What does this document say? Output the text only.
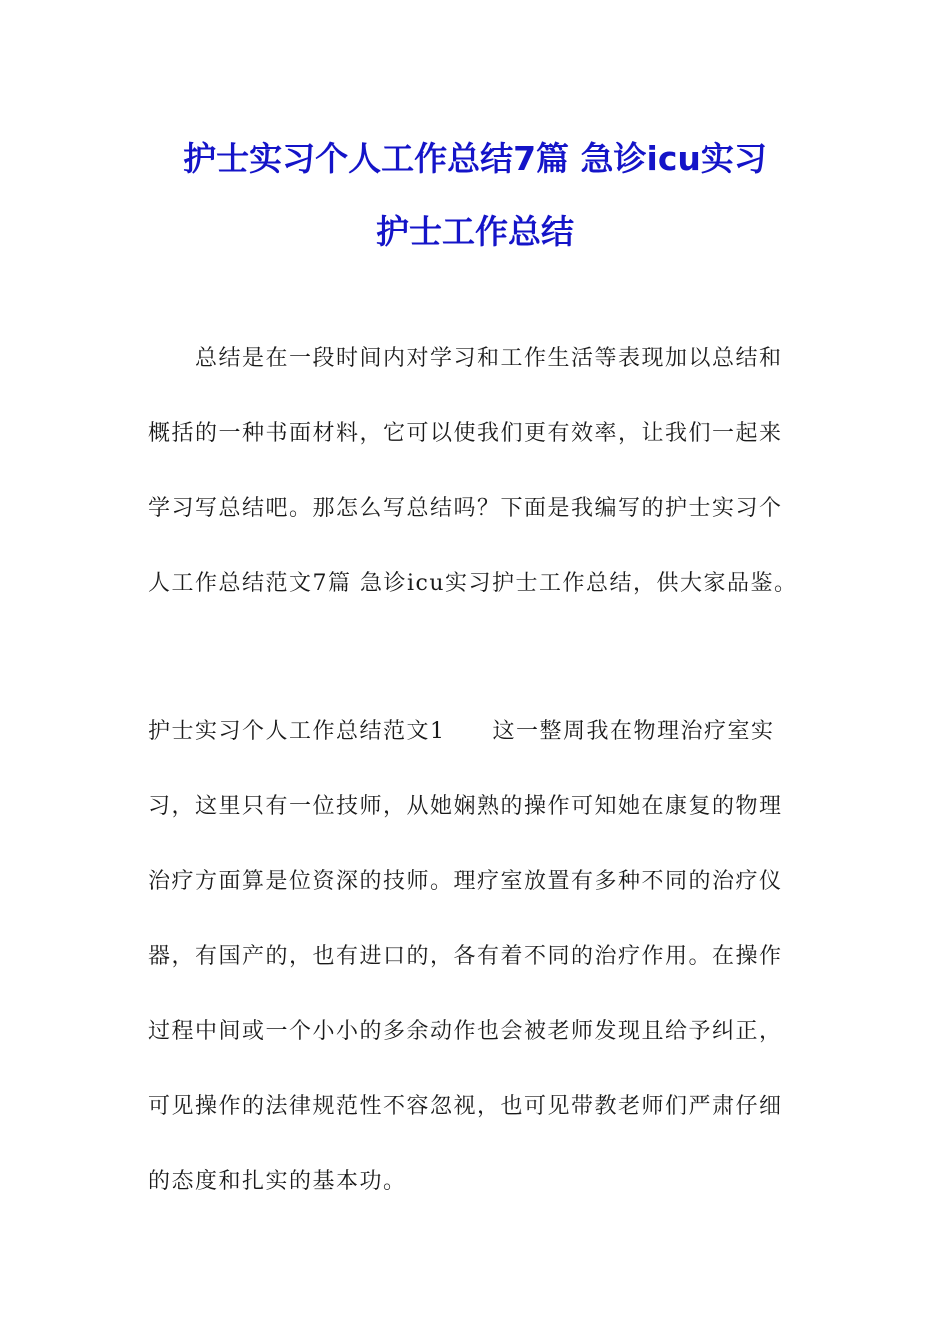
护士实习个人工作总结7篇 急诊icu实习
护士工作总结

　　总结是在一段时间内对学习和工作生活等表现加以总结和

概括的一种书面材料，它可以使我们更有效率，让我们一起来

学习写总结吧。那怎么写总结吗？下面是我编写的护士实习个

人工作总结范文7篇 急诊icu实习护士工作总结，供大家品鉴。

护士实习个人工作总结范文1　　这一整周我在物理治疗室实

习，这里只有一位技师，从她娴熟的操作可知她在康复的物理

治疗方面算是位资深的技师。理疗室放置有多种不同的治疗仪

器，有国产的，也有进口的，各有着不同的治疗作用。在操作

过程中间或一个小小的多余动作也会被老师发现且给予纠正，

可见操作的法律规范性不容忽视，也可见带教老师们严肃仔细

的态度和扎实的基本功。
